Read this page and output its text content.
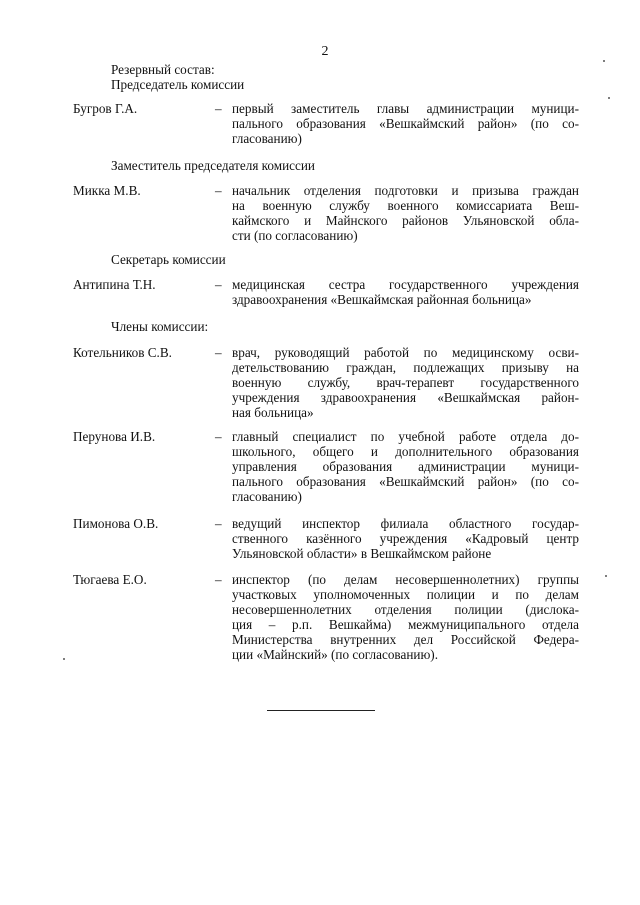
2
Резервный состав:
Председатель комиссии
Бугров Г.А.	– первый заместитель главы администрации муници-
пального образования «Вешкаймский район» (по со-
гласованию)
Заместитель председателя комиссии
Микка М.В.	– начальник отделения подготовки и призыва граждан
на военную службу военного комиссариата Веш-
каймского и Майнского районов Ульяновской обла-
сти (по согласованию)
Секретарь комиссии
Антипина Т.Н.	– медицинская сестра государственного учреждения
здравоохранения «Вешкаймская районная больница»
Члены комиссии:
Котельников С.В.	– врач, руководящий работой по медицинскому осви-
детельствованию граждан, подлежащих призыву на
военную службу, врач-терапевт государственного
учреждения здравоохранения «Вешкаймская район-
ная больница»
Перунова И.В.	– главный специалист по учебной работе отдела до-
школьного, общего и дополнительного образования
управления образования администрации муници-
пального образования «Вешкаймский район» (по со-
гласованию)
Пимонова О.В.	– ведущий инспектор филиала областного государ-
ственного казённого учреждения «Кадровый центр
Ульяновской области» в Вешкаймском районе
Тюгаева Е.О.	– инспектор (по делам несовершеннолетних) группы
участковых уполномоченных полиции и по делам
несовершеннолетних отделения полиции (дислока-
ция – р.п. Вешкайма) межмуниципального отдела
Министерства внутренних дел Российской Федера-
ции «Майнский» (по согласованию).
